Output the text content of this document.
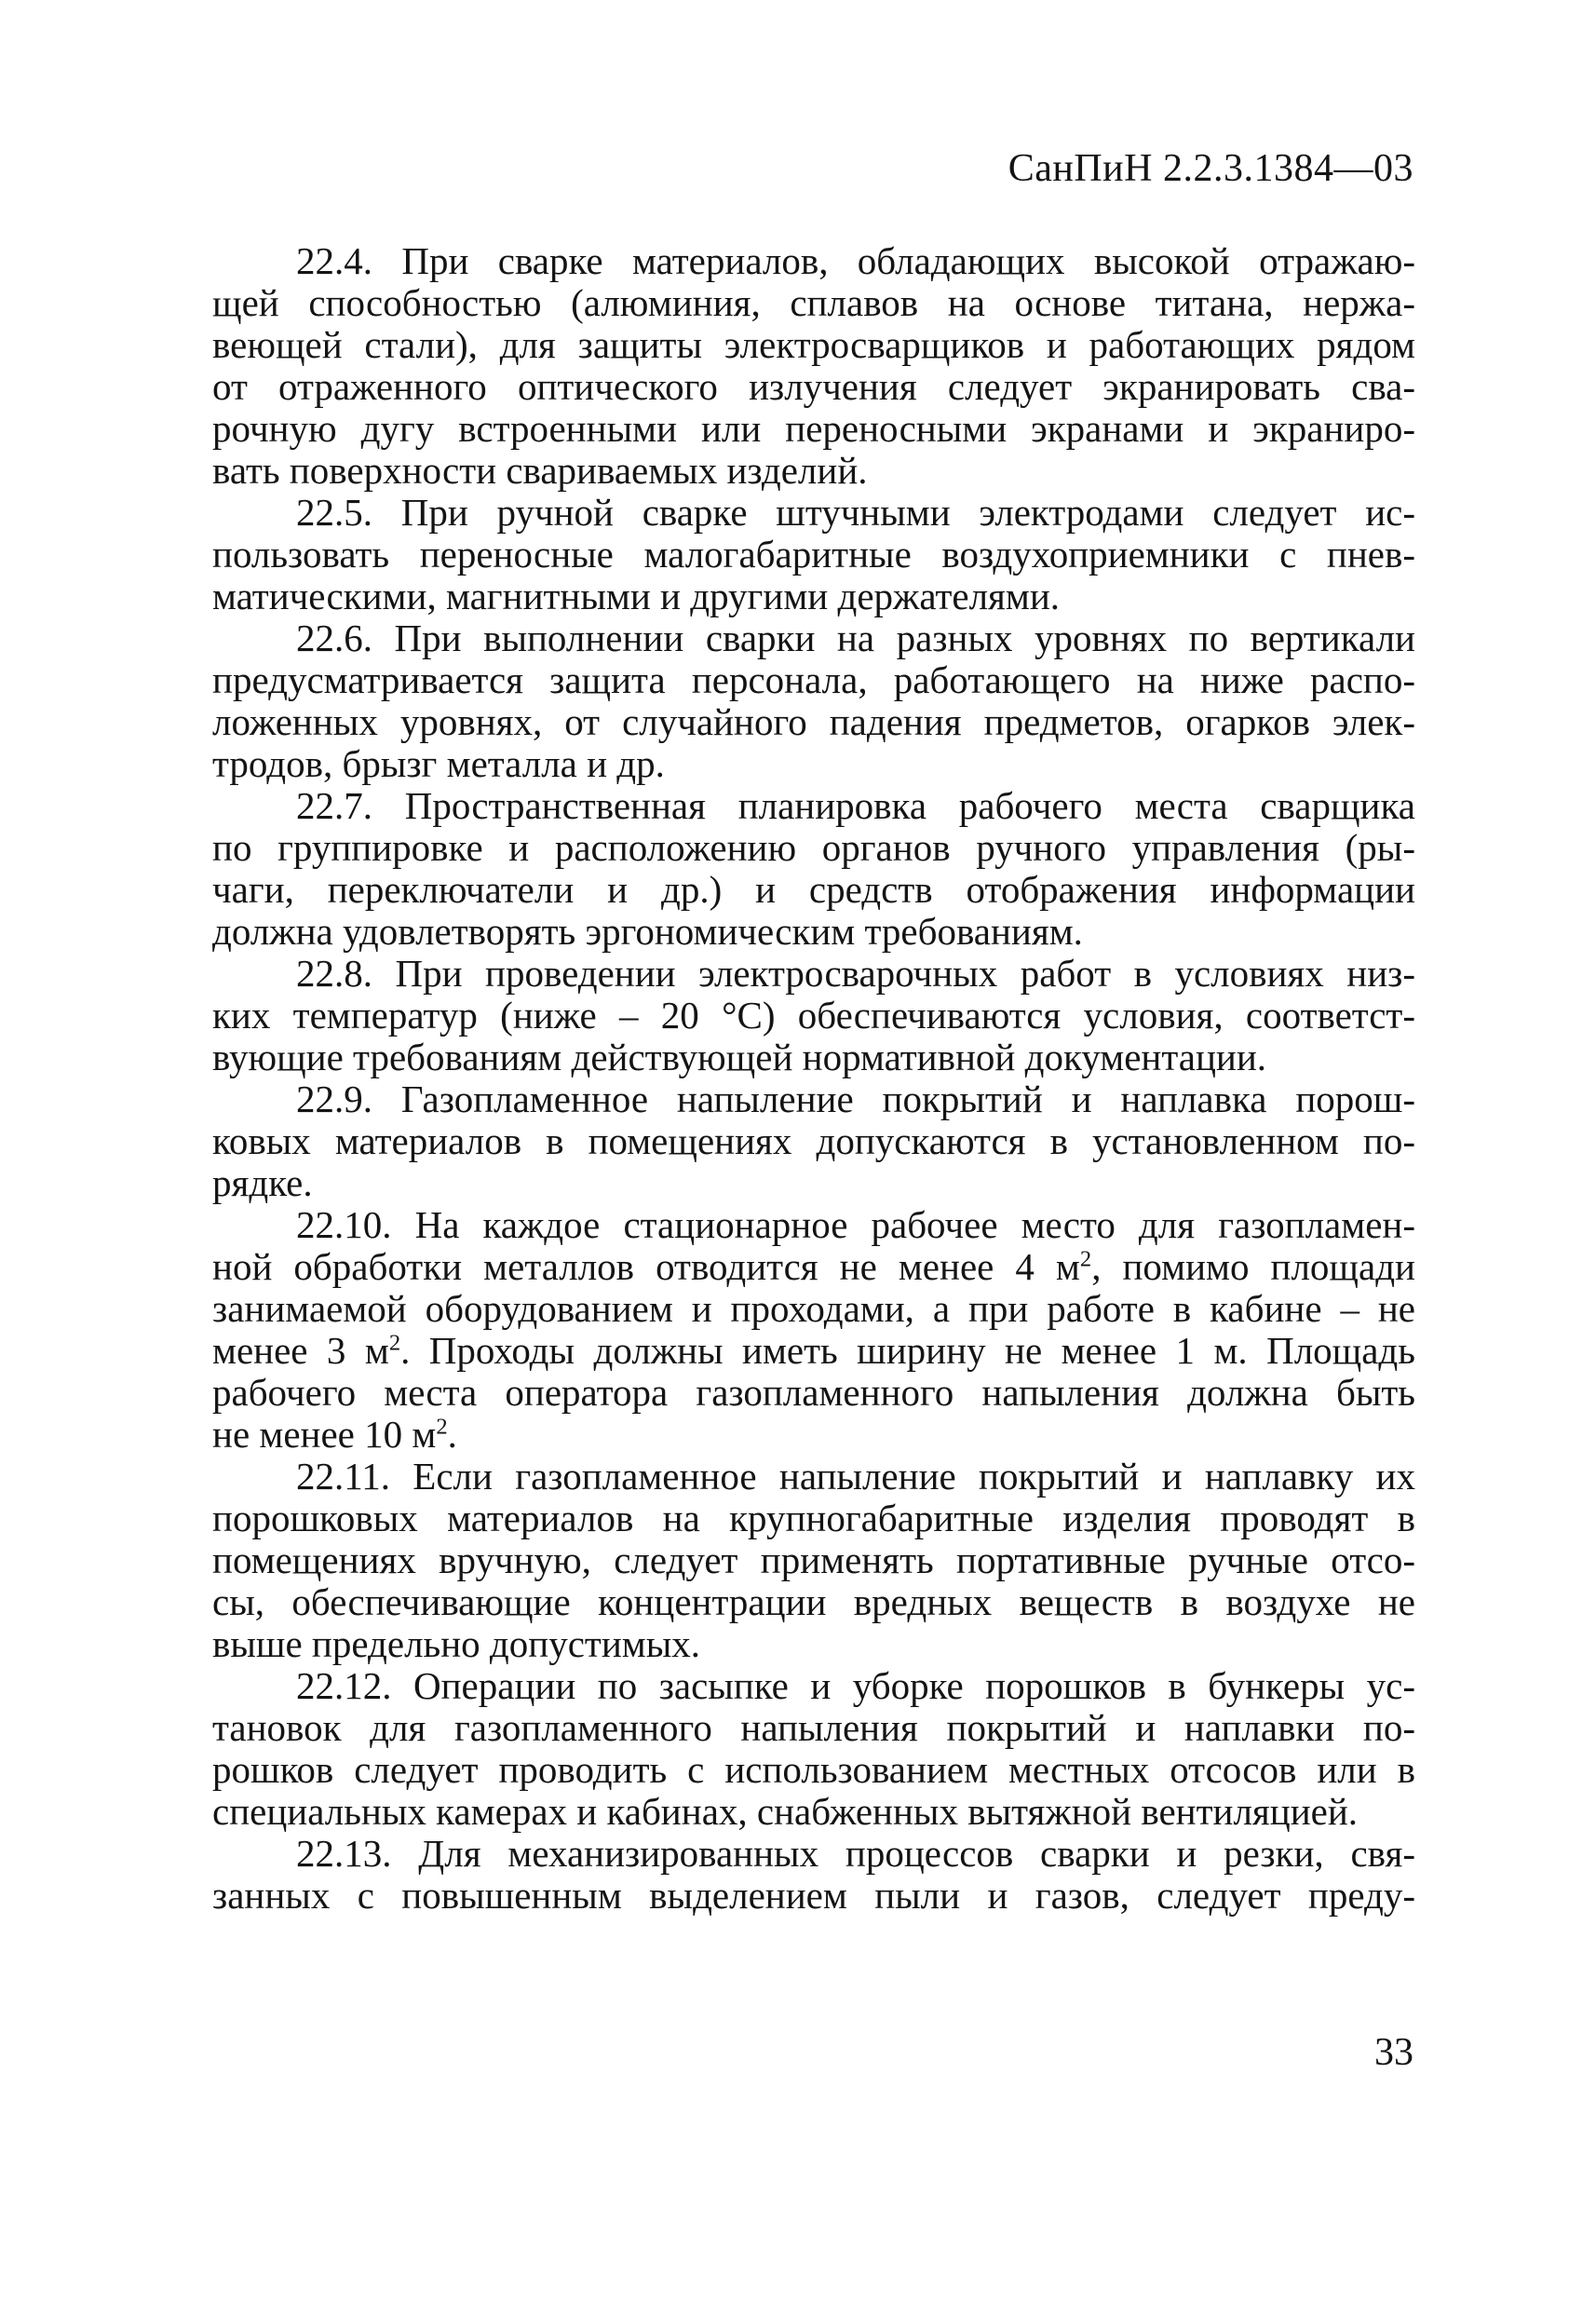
СанПиН 2.2.3.1384—03
22.4. При сварке материалов, обладающих высокой отражаю-
щей способностью (алюминия, сплавов на основе титана, нержа-
веющей стали), для защиты электросварщиков и работающих рядом
от отраженного оптического излучения следует экранировать сва-
рочную дугу встроенными или переносными экранами и экраниро-
вать поверхности свариваемых изделий.
22.5. При ручной сварке штучными электродами следует ис-
пользовать переносные малогабаритные воздухоприемники с пнев-
матическими, магнитными и другими держателями.
22.6. При выполнении сварки на разных уровнях по вертикали
предусматривается защита персонала, работающего на ниже распо-
ложенных уровнях, от случайного падения предметов, огарков элек-
тродов, брызг металла и др.
22.7. Пространственная планировка рабочего места сварщика
по группировке и расположению органов ручного управления (ры-
чаги, переключатели и др.) и средств отображения информации
должна удовлетворять эргономическим требованиям.
22.8. При проведении электросварочных работ в условиях низ-
ких температур (ниже – 20 °С) обеспечиваются условия, соответст-
вующие требованиям действующей нормативной документации.
22.9. Газопламенное напыление покрытий и наплавка порош-
ковых материалов в помещениях допускаются в установленном по-
рядке.
22.10. На каждое стационарное рабочее место для газопламен-
ной обработки металлов отводится не менее 4 $м^2$, помимо площади
занимаемой оборудованием и проходами, а при работе в кабине – не
менее 3 $м^2$. Проходы должны иметь ширину не менее 1 м. Площадь
рабочего места оператора газопламенного напыления должна быть
не менее 10 $м^2$.
22.11. Если газопламенное напыление покрытий и наплавку их
порошковых материалов на крупногабаритные изделия проводят в
помещениях вручную, следует применять портативные ручные отсо-
сы, обеспечивающие концентрации вредных веществ в воздухе не
выше предельно допустимых.
22.12. Операции по засыпке и уборке порошков в бункеры ус-
тановок для газопламенного напыления покрытий и наплавки по-
рошков следует проводить с использованием местных отсосов или в
специальных камерах и кабинах, снабженных вытяжной вентиляцией.
22.13. Для механизированных процессов сварки и резки, свя-
занных с повышенным выделением пыли и газов, следует преду-
33
